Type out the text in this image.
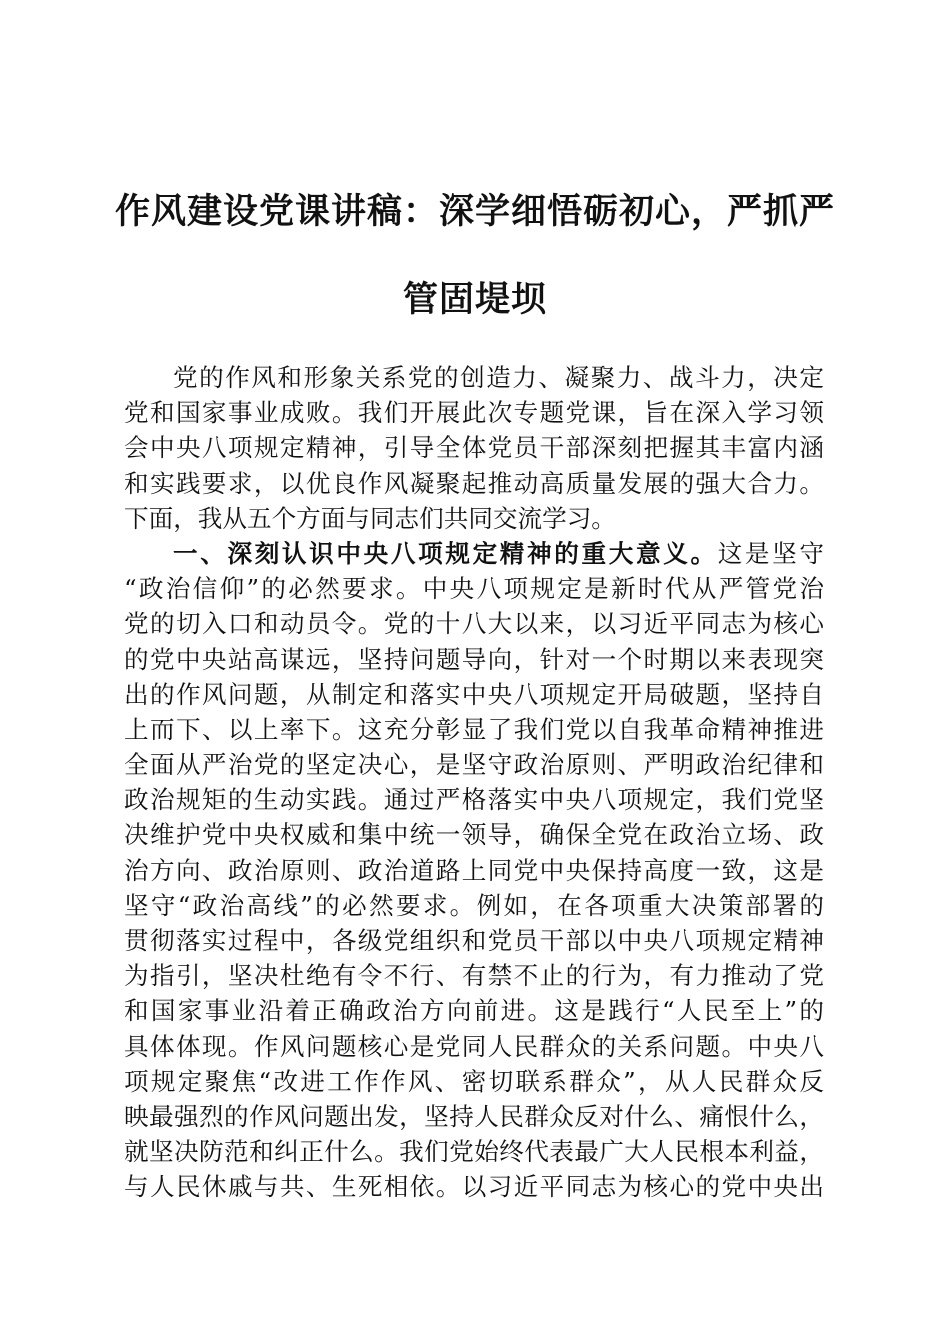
作风建设党课讲稿：深学细悟砺初心，严抓严
管固堤坝
党的作风和形象关系党的创造力、凝聚力、战斗力，决定
党和国家事业成败。我们开展此次专题党课，旨在深入学习领
会中央八项规定精神，引导全体党员干部深刻把握其丰富内涵
和实践要求，以优良作风凝聚起推动高质量发展的强大合力。
下面，我从五个方面与同志们共同交流学习。
一、深刻认识中央八项规定精神的重大意义。这是坚守
“政治信仰”的必然要求。中央八项规定是新时代从严管党治
党的切入口和动员令。党的十八大以来，以习近平同志为核心
的党中央站高谋远，坚持问题导向，针对一个时期以来表现突
出的作风问题，从制定和落实中央八项规定开局破题，坚持自
上而下、以上率下。这充分彰显了我们党以自我革命精神推进
全面从严治党的坚定决心，是坚守政治原则、严明政治纪律和
政治规矩的生动实践。通过严格落实中央八项规定，我们党坚
决维护党中央权威和集中统一领导，确保全党在政治立场、政
治方向、政治原则、政治道路上同党中央保持高度一致，这是
坚守“政治高线”的必然要求。例如，在各项重大决策部署的
贯彻落实过程中，各级党组织和党员干部以中央八项规定精神
为指引，坚决杜绝有令不行、有禁不止的行为，有力推动了党
和国家事业沿着正确政治方向前进。这是践行“人民至上”的
具体体现。作风问题核心是党同人民群众的关系问题。中央八
项规定聚焦“改进工作作风、密切联系群众”，从人民群众反
映最强烈的作风问题出发，坚持人民群众反对什么、痛恨什么，
就坚决防范和纠正什么。我们党始终代表最广大人民根本利益，
与人民休戚与共、生死相依。以习近平同志为核心的党中央出
